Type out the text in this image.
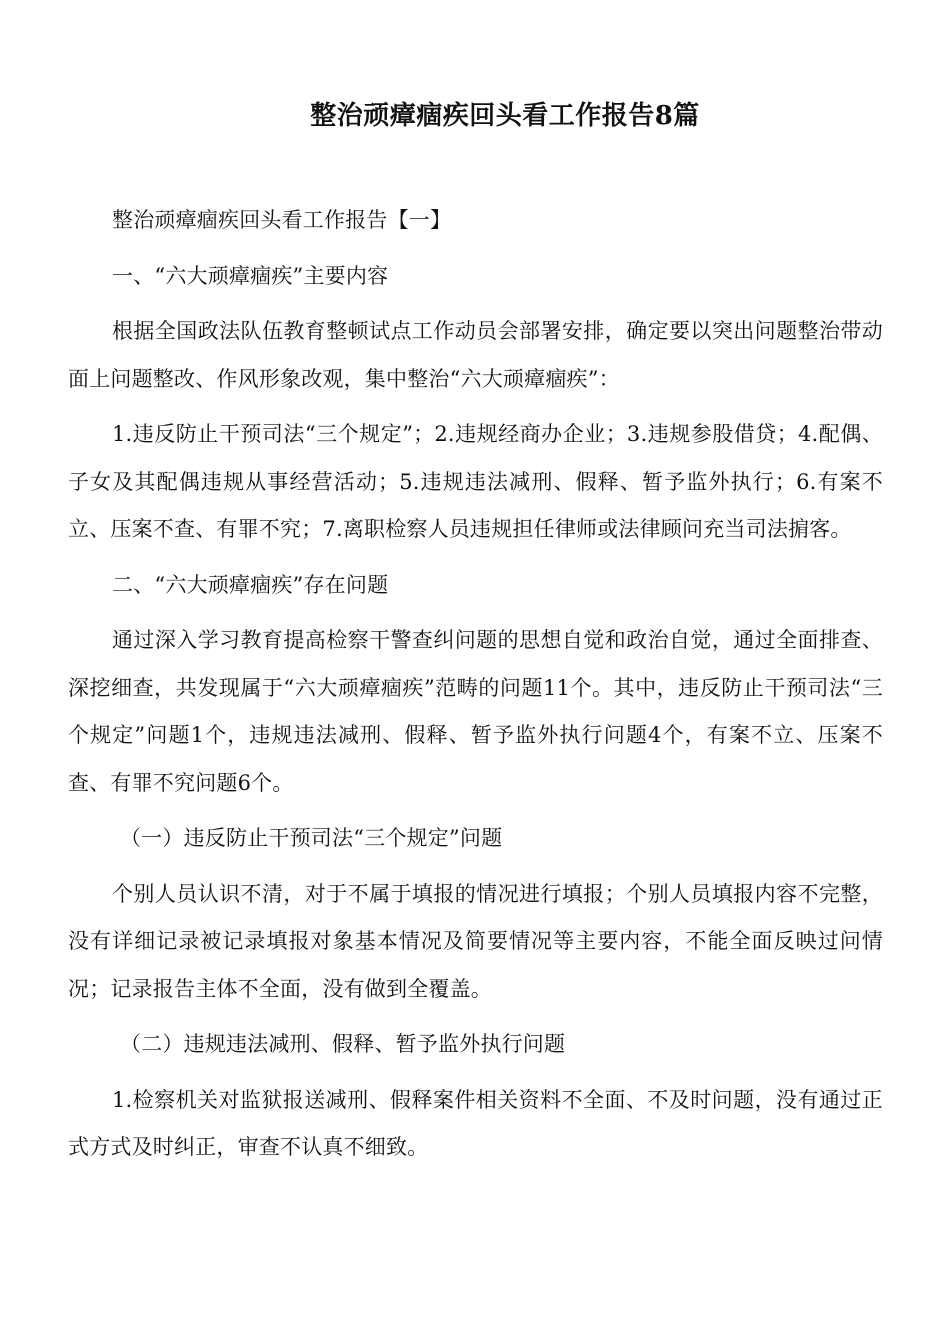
整治顽瘴痼疾回头看工作报告8篇

整治顽瘴痼疾回头看工作报告【一】

一、“六大顽瘴痼疾”主要内容

根据全国政法队伍教育整顿试点工作动员会部署安排，确定要以突出问题整治带动面上问题整改、作风形象改观，集中整治“六大顽瘴痼疾”：

1.违反防止干预司法“三个规定”；2.违规经商办企业；3.违规参股借贷；4.配偶、子女及其配偶违规从事经营活动；5.违规违法减刑、假释、暂予监外执行；6.有案不立、压案不查、有罪不究；7.离职检察人员违规担任律师或法律顾问充当司法掮客。

二、“六大顽瘴痼疾”存在问题

通过深入学习教育提高检察干警查纠问题的思想自觉和政治自觉，通过全面排查、深挖细查，共发现属于“六大顽瘴痼疾”范畴的问题11个。其中，违反防止干预司法“三个规定”问题1个，违规违法减刑、假释、暂予监外执行问题4个，有案不立、压案不查、有罪不究问题6个。

（一）违反防止干预司法“三个规定”问题

个别人员认识不清，对于不属于填报的情况进行填报；个别人员填报内容不完整，没有详细记录被记录填报对象基本情况及简要情况等主要内容，不能全面反映过问情况；记录报告主体不全面，没有做到全覆盖。

（二）违规违法减刑、假释、暂予监外执行问题

1.检察机关对监狱报送减刑、假释案件相关资料不全面、不及时问题，没有通过正式方式及时纠正，审查不认真不细致。
